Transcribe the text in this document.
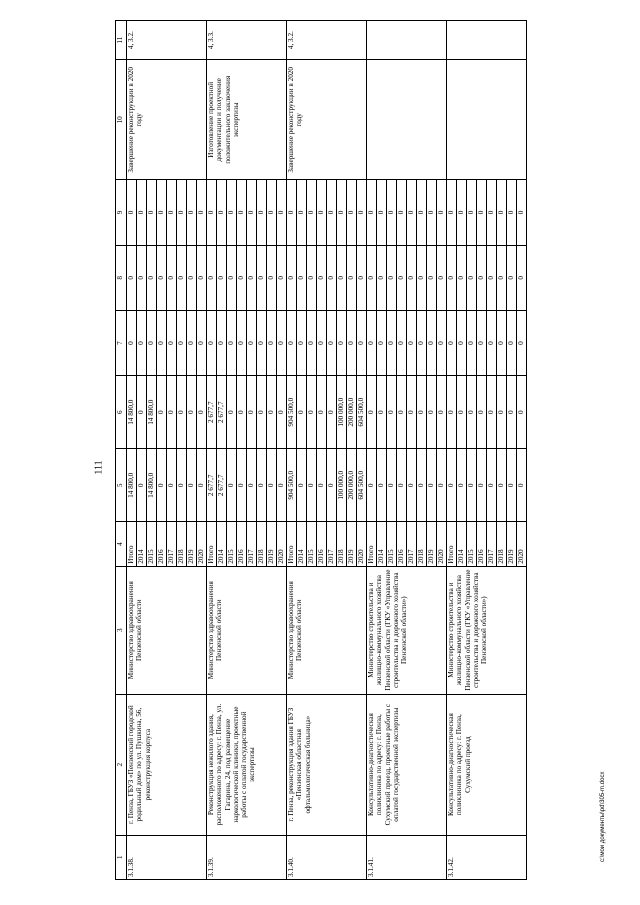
111
c:\мои документы\pd\305-m.docx
1	2	3	4	5	6	7	8	9	10	11
3.1.38.	г. Пенза, ГБУЗ «Пензенский городской родильный дом» по ул. Пушкина, 56, реконструкция корпуса	Министерство здравоохранения Пензенской области	Итого	14 800,0	14 800,0	0	0	0	Завершение реконструкции в 2020 году	4, 3.2.
			2014	0	0	0	0	0		
			2015	14 800,0	14 800,0	0	0	0		
			2016	0	0	0	0	0		
			2017	0	0	0	0	0		
			2018	0	0	0	0	0		
			2019	0	0	0	0	0		
			2020	0	0	0	0	0		
3.1.39.	Реконструкция нежилого здания, расположенного по адресу: г. Пенза, ул. Гагарина, 24, под размещение наркологической клиники, проектные работы с оплатой государственной экспертизы	Министерство здравоохранения Пензенской области	Итого	2 677,7	2 677,7	0	0	0	Изготовление проектной документации и получение положительного заключения экспертизы	4, 3.3.
			2014	2 677,7	2 677,7	0	0	0		
			2015	0	0	0	0	0		
			2016	0	0	0	0	0		
			2017	0	0	0	0	0		
			2018	0	0	0	0	0		
			2019	0	0	0	0	0		
			2020	0	0	0	0	0		
3.1.40.	г. Пенза, реконструкция здания ГБУЗ «Пензенская областная офтальмологическая больница»	Министерство здравоохранения Пензенской области	Итого	904 500,0	904 500,0	0	0	0	Завершение реконструкции в 2020 году	4, 3.2.
			2014	0	0	0	0	0		
			2015	0	0	0	0	0		
			2016	0	0	0	0	0		
			2017	0	0	0	0	0		
			2018	100 000,0	100 000,0	0	0	0		
			2019	200 000,0	200 000,0	0	0	0		
			2020	604 500,0	604 500,0	0	0	0		
3.1.41.	Консультативно-диагностическая поликлиника по адресу: г. Пенза, Сухумский проезд, проектные работы с оплатой государственной экспертизы	Министерство строительства и жилищно-коммунального хозяйства Пензенской области (ГКУ «Управление строительства и дорожного хозяйства Пензенской области»)	Итого	0	0	0	0	0		
			2014	0	0	0	0	0		
			2015	0	0	0	0	0		
			2016	0	0	0	0	0		
			2017	0	0	0	0	0		
			2018	0	0	0	0	0		
			2019	0	0	0	0	0		
			2020	0	0	0	0	0		
3.1.42.	Консультативно-диагностическая поликлиника по адресу: г. Пенза, Сухумский проезд	Министерство строительства и жилищно-коммунального хозяйства Пензенской области (ГКУ «Управление строительства и дорожного хозяйства Пензенской области»)	Итого	0	0	0	0	0		
			2014	0	0	0	0	0		
			2015	0	0	0	0	0		
			2016	0	0	0	0	0		
			2017	0	0	0	0	0		
			2018	0	0	0	0	0		
			2019	0	0	0	0	0		
			2020	0	0	0	0	0		
